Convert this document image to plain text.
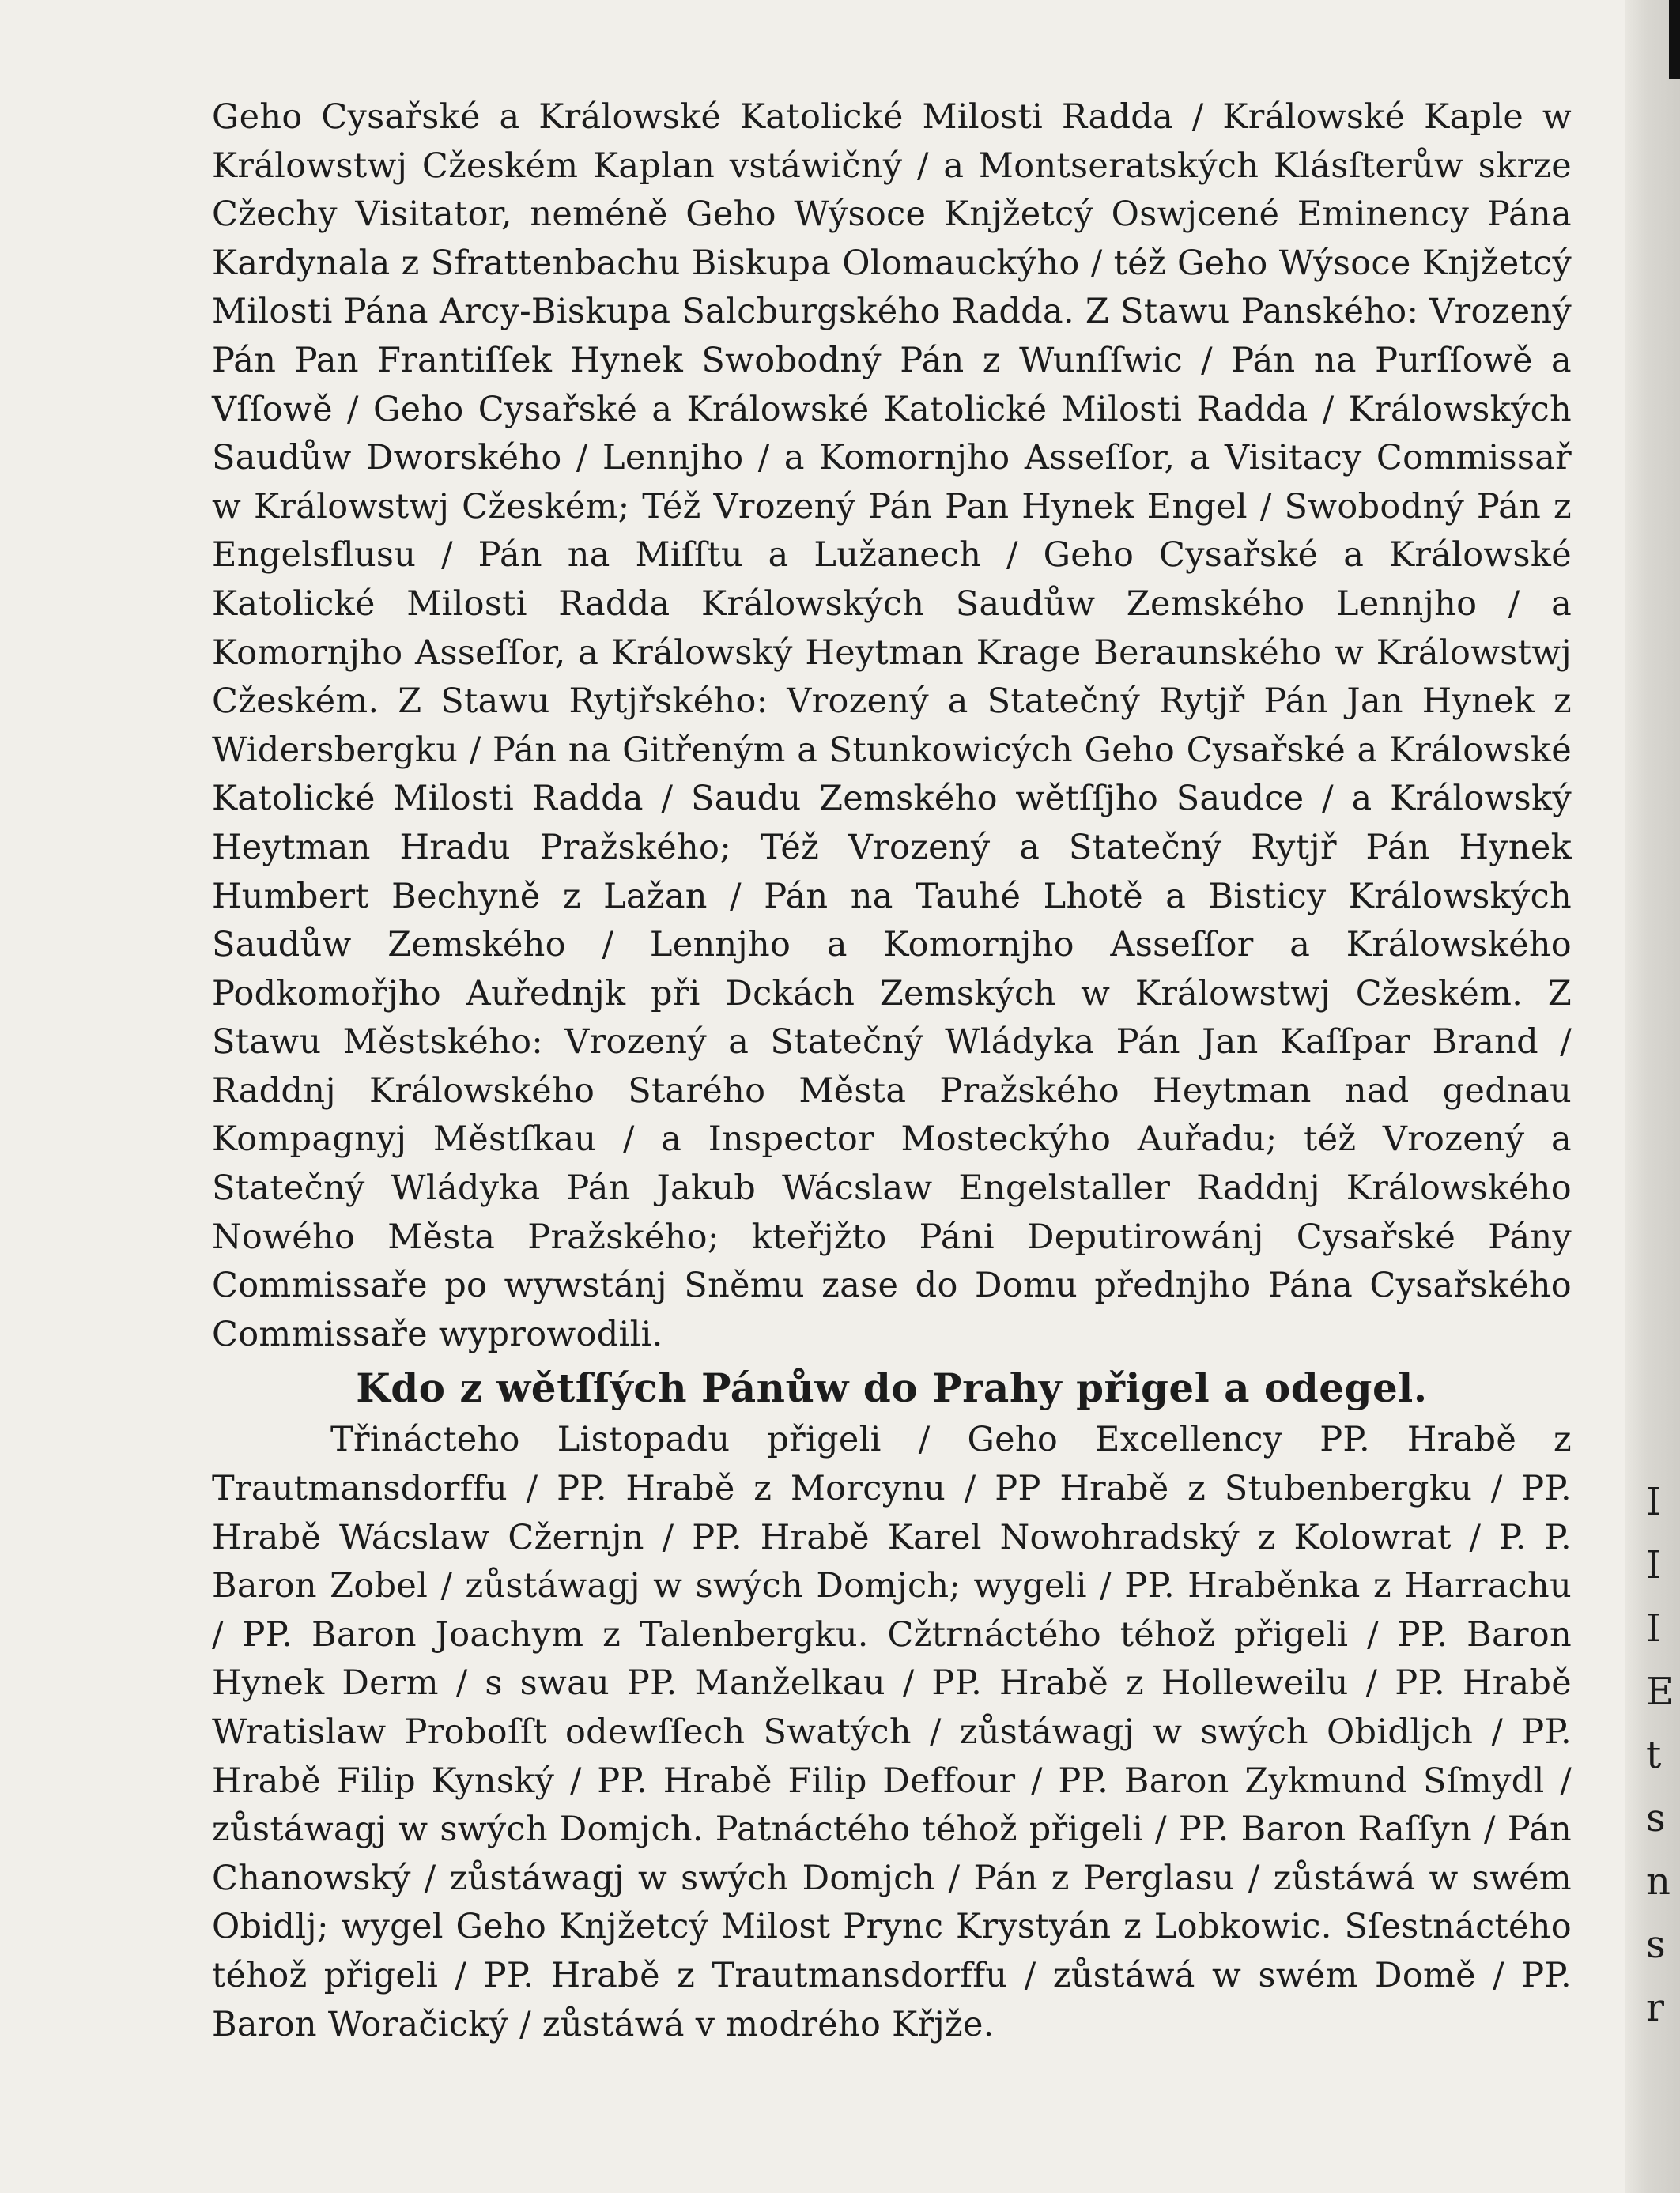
Geho Cysařské a Králowské Katolické Milosti Radda / Králowské Kaple w Králowstwj Cžeském Kaplan vstáwičný / a Montseratských Klásſterůw skrze Cžechy Visitator, neméně Geho Wýsoce Knjžetcý Oswjcené Eminency Pána Kardynala z Sfrattenbachu Biskupa Olomauckýho / též Geho Wýsoce Knjžetcý Milosti Pána Arcy-Biskupa Salcburgského Radda. Z Stawu Panského: Vrozený Pán Pan Frantiſſek Hynek Swobodný Pán z Wunſſwic / Pán na Purſſowě a Vſſowě / Geho Cysařské a Králowské Katolické Milosti Radda / Králowských Saudůw Dworského / Lennjho / a Komornjho Asseſſor, a Visitacy Commissař w Králowstwj Cžeském; Též Vrozený Pán Pan Hynek Engel / Swobodný Pán z Engelsflusu / Pán na Miſſtu a Lužanech / Geho Cysařské a Králowské Katolické Milosti Radda Králowských Saudůw Zemského Lennjho / a Komornjho Asseſſor, a Králowský Heytman Krage Beraunského w Králowstwj Cžeském. Z Stawu Rytjřského: Vrozený a Statečný Rytjř Pán Jan Hynek z Widersbergku / Pán na Gitřeným a Stunkowicých Geho Cysařské a Králowské Katolické Milosti Radda / Saudu Zemského wětſſjho Saudce / a Králowský Heytman Hradu Pražského; Též Vrozený a Statečný Rytjř Pán Hynek Humbert Bechyně z Lažan / Pán na Tauhé Lhotě a Bisticy Králowských Saudůw Zemského / Lennjho a Komornjho Asseſſor a Králowského Podkomořjho Auřednjk při Dckách Zemských w Králowstwj Cžeském. Z Stawu Městského: Vrozený a Statečný Wládyka Pán Jan Kaſſpar Brand / Raddnj Králowského Starého Města Pražského Heytman nad gednau Kompagnyj Městſkau / a Inspector Mosteckýho Auřadu; též Vrozený a Statečný Wládyka Pán Jakub Wácslaw Engelstaller Raddnj Králowského Nowého Města Pražského; kteřjžto Páni Deputirowánj Cysařské Pány Commissaře po wywstánj Sněmu zase do Domu přednjho Pána Cysařského Commissaře wyprowodili.

Kdo z wětſſých Pánůw do Prahy přigel a odegel.

Třinácteho Listopadu přigeli / Geho Excellency PP. Hrabě z Trautmansdorffu / PP. Hrabě z Morcynu / PP Hrabě z Stubenbergku / PP. Hrabě Wácslaw Cžernjn / PP. Hrabě Karel Nowohradský z Kolowrat / P. P. Baron Zobel / zůstáwagj w swých Domjch; wygeli / PP. Hraběnka z Harrachu / PP. Baron Joachym z Talenbergku. Cžtrnáctého téhož přigeli / PP. Baron Hynek Derm / s swau PP. Manželkau / PP. Hrabě z Holleweilu / PP. Hrabě Wratislaw Proboſſt odewſſech Swatých / zůstáwagj w swých Obidljch / PP. Hrabě Filip Kynský / PP. Hrabě Filip Deffour / PP. Baron Zykmund Sſmydl / zůstáwagj w swých Domjch. Patnáctého téhož přigeli / PP. Baron Raſſyn / Pán Chanowský / zůstáwagj w swých Domjch / Pán z Perglasu / zůstáwá w swém Obidlj; wygel Geho Knjžetcý Milost Prync Krystyán z Lobkowic. Sſestnáctého téhož přigeli / PP. Hrabě z Trautmansdorffu / zůstáwá w swém Domě / PP. Baron Woračický / zůstáwá v modrého Křjže.

I
I
I
E
t
s
n
s
r
